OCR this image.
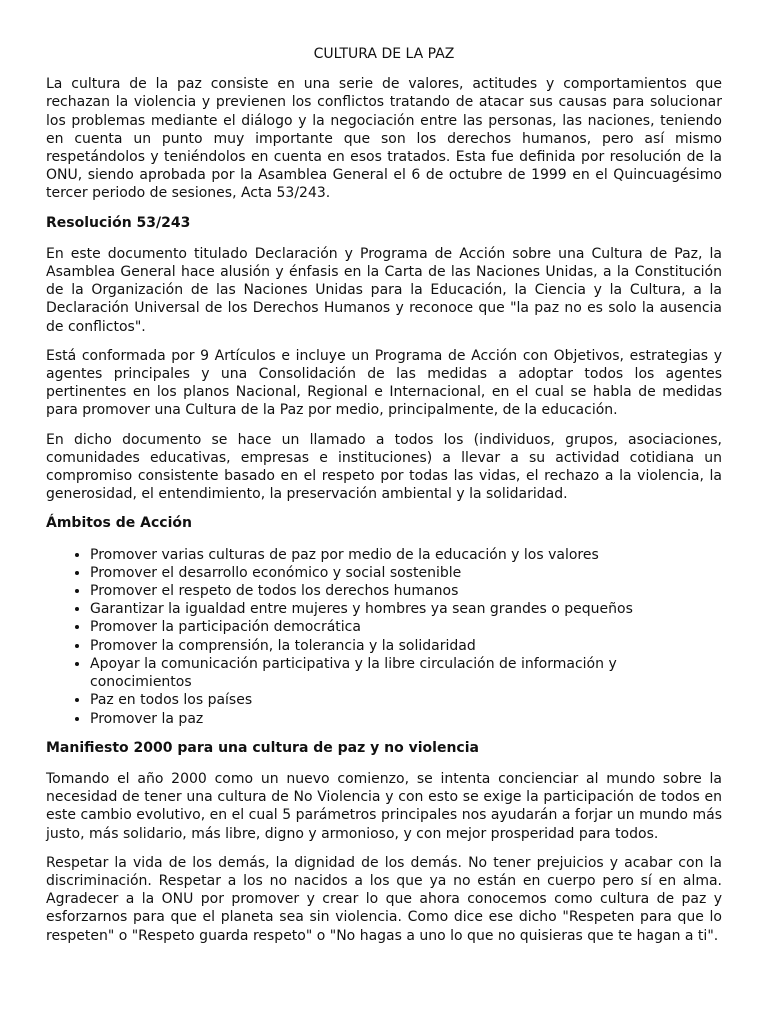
CULTURA DE LA PAZ

La cultura de la paz consiste en una serie de valores, actitudes y comportamientos que rechazan la violencia y previenen los conflictos tratando de atacar sus causas para solucionar los problemas mediante el diálogo y la negociación entre las personas, las naciones, teniendo en cuenta un punto muy importante que son los derechos humanos, pero así mismo respetándolos y teniéndolos en cuenta en esos tratados. Esta fue definida por resolución de la ONU, siendo aprobada por la Asamblea General el 6 de octubre de 1999 en el Quincuagésimo tercer periodo de sesiones, Acta 53/243.

Resolución 53/243

En este documento titulado Declaración y Programa de Acción sobre una Cultura de Paz, la Asamblea General hace alusión y énfasis en la Carta de las Naciones Unidas, a la Constitución de la Organización de las Naciones Unidas para la Educación, la Ciencia y la Cultura, a la Declaración Universal de los Derechos Humanos y reconoce que "la paz no es solo la ausencia de conflictos".

Está conformada por 9 Artículos e incluye un Programa de Acción con Objetivos, estrategias y agentes principales y una Consolidación de las medidas a adoptar todos los agentes pertinentes en los planos Nacional, Regional e Internacional, en el cual se habla de medidas para promover una Cultura de la Paz por medio, principalmente, de la educación.

En dicho documento se hace un llamado a todos los (individuos, grupos, asociaciones, comunidades educativas, empresas e instituciones) a llevar a su actividad cotidiana un compromiso consistente basado en el respeto por todas las vidas, el rechazo a la violencia, la generosidad, el entendimiento, la preservación ambiental y la solidaridad.

Ámbitos de Acción
• Promover varias culturas de paz por medio de la educación y los valores
• Promover el desarrollo económico y social sostenible
• Promover el respeto de todos los derechos humanos
• Garantizar la igualdad entre mujeres y hombres ya sean grandes o pequeños
• Promover la participación democrática
• Promover la comprensión, la tolerancia y la solidaridad
• Apoyar la comunicación participativa y la libre circulación de información y conocimientos
• Paz en todos los países
• Promover la paz
Manifiesto 2000 para una cultura de paz y no violencia

Tomando el año 2000 como un nuevo comienzo, se intenta concienciar al mundo sobre la necesidad de tener una cultura de No Violencia y con esto se exige la participación de todos en este cambio evolutivo, en el cual 5 parámetros principales nos ayudarán a forjar un mundo más justo, más solidario, más libre, digno y armonioso, y con mejor prosperidad para todos.

Respetar la vida de los demás, la dignidad de los demás. No tener prejuicios y acabar con la discriminación. Respetar a los no nacidos a los que ya no están en cuerpo pero sí en alma. Agradecer a la ONU por promover y crear lo que ahora conocemos como cultura de paz y esforzarnos para que el planeta sea sin violencia. Como dice ese dicho "Respeten para que lo respeten" o "Respeto guarda respeto" o "No hagas a uno lo que no quisieras que te hagan a ti".
